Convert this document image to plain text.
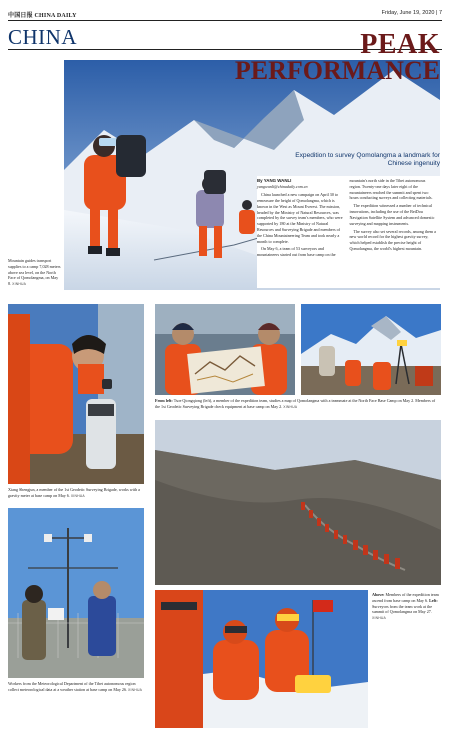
中国日报 CHINA DAILY	Friday, June 19, 2020 | 7
CHINA	PEAK
PERFORMANCE
Expedition to survey Qomolangma a landmark for Chinese ingenuity
By YANG WANLI
yangwanli@chinadaily.com.cn

China launched a new campaign on April 30 to remeasure the height of Qomolangma, which is known in the West as Mount Everest. The mission, headed by the Ministry of Natural Resources, was completed by the survey team's members, who were supported by 180 at the Ministry of Natural Resources and Surveying Brigade and members of the China Mountaineering Team and took nearly a month to complete.

On May 6, a team of 53 surveyors and mountaineers started out from base camp on the mountain's north side in the Tibet autonomous region. Twenty-one days later eight of the mountaineers reached the summit and spent two hours conducting surveys and collecting materials.

The expedition witnessed a number of technical innovations, including the use of the BeiDou Navigation Satellite System and advanced domestic surveying and mapping instruments.

The survey also set several records, among them a new world record for the highest gravity survey, which helped establish the precise height of Qomolangma, the world's highest mountain.

Mountain guides transport supplies to a camp 7,028 meters above sea level, on the North Face of Qomolangma, on May 8. XINHUA
Xiang Shengjun, a member of the 1st Geodetic Surveying Brigade, works with a gravity meter at base camp on May 6. XINHUA
From left: Tsoe Qiongqiong (left), a member of the expedition team, studies a map of Qomolangma with a teammate at the North Face Base Camp on May 2. Members of the 1st Geodetic Surveying Brigade check equipment at base camp on May 2. XINHUA
Workers from the Meteorological Department of the Tibet autonomous region collect meteorological data at a weather station at base camp on May 26. XINHUA
Above: Members of the expedition team ascend from base camp on May 6. Left: Surveyors from the team work at the summit of Qomolangma on May 27. XINHUA
